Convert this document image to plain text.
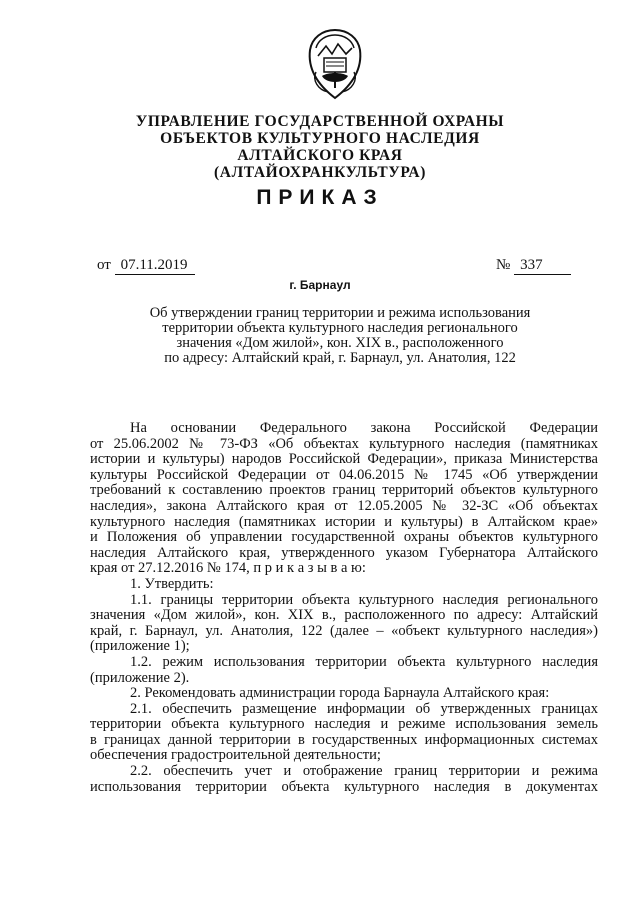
УПРАВЛЕНИЕ ГОСУДАРСТВЕННОЙ ОХРАНЫ
ОБЪЕКТОВ КУЛЬТУРНОГО НАСЛЕДИЯ
АЛТАЙСКОГО КРАЯ
(АЛТАЙОХРАНКУЛЬТУРА)
ПРИКАЗ
от 07.11.2019	№ 337
г. Барнаул
Об утверждении границ территории и режима использования
территории объекта культурного наследия регионального
значения «Дом жилой», кон. XIX в., расположенного
по адресу: Алтайский край, г. Барнаул, ул. Анатолия, 122
На основании Федерального закона Российской Федерации
от 25.06.2002 № 73-ФЗ «Об объектах культурного наследия (памятниках
истории и культуры) народов Российской Федерации», приказа Министерства
культуры Российской Федерации от 04.06.2015 № 1745 «Об утверждении
требований к составлению проектов границ территорий объектов культурного
наследия», закона Алтайского края от 12.05.2005 № 32-ЗС «Об объектах
культурного наследия (памятниках истории и культуры) в Алтайском крае»
и Положения об управлении государственной охраны объектов культурного
наследия Алтайского края, утвержденного указом Губернатора Алтайского
края от 27.12.2016 № 174, п р и к а з ы в а ю:
1. Утвердить:
1.1. границы территории объекта культурного наследия регионального
значения «Дом жилой», кон. XIX в., расположенного по адресу: Алтайский
край, г. Барнаул, ул. Анатолия, 122 (далее – «объект культурного наследия»)
(приложение 1);
1.2. режим использования территории объекта культурного наследия
(приложение 2).
2. Рекомендовать администрации города Барнаула Алтайского края:
2.1. обеспечить размещение информации об утвержденных границах
территории объекта культурного наследия и режиме использования земель
в границах данной территории в государственных информационных системах
обеспечения градостроительной деятельности;
2.2. обеспечить учет и отображение границ территории и режима
использования территории объекта культурного наследия в документах
